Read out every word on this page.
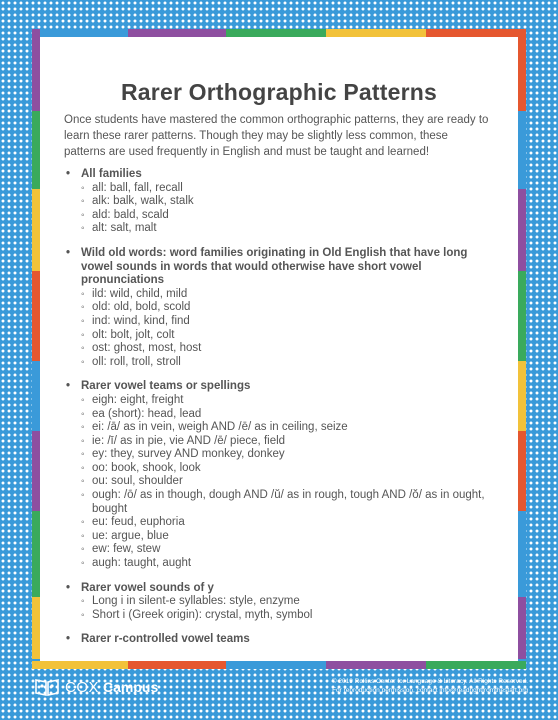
Rarer Orthographic Patterns
Once students have mastered the common orthographic patterns, they are ready to learn these rarer patterns. Though they may be slightly less common, these patterns are used frequently in English and must be taught and learned!
• All families
◦ all: ball, fall, recall
◦ alk: balk, walk, stalk
◦ ald: bald, scald
◦ alt: salt, malt
• Wild old words: word families originating in Old English that have long vowel sounds in words that would otherwise have short vowel pronunciations
◦ ild: wild, child, mild
◦ old: old, bold, scold
◦ ind: wind, kind, find
◦ olt: bolt, jolt, colt
◦ ost: ghost, most, host
◦ oll: roll, troll, stroll
• Rarer vowel teams or spellings
◦ eigh: eight, freight
◦ ea (short): head, lead
◦ ei: /ā/ as in vein, weigh AND /ē/ as in ceiling, seize
◦ ie: /ī/ as in pie, vie AND /ē/ piece, field
◦ ey: they, survey AND monkey, donkey
◦ oo: book, shook, look
◦ ou: soul, shoulder
◦ ough: /ō/ as in though, dough AND /ŭ/ as in rough, tough AND /ŏ/ as in ought, bought
◦ eu: feud, euphoria
◦ ue: argue, blue
◦ ew: few, stew
◦ augh: taught, aught
• Rarer vowel sounds of y
◦ Long i in silent-e syllables: style, enzyme
◦ Short i (Greek origin): crystal, myth, symbol
• Rarer r-controlled vowel teams
COX Campus	© 2019 Rollins Center for Language & Literacy. All Rights Reserved.
For reproduction permission, contact info@readrightfromthestart.org
